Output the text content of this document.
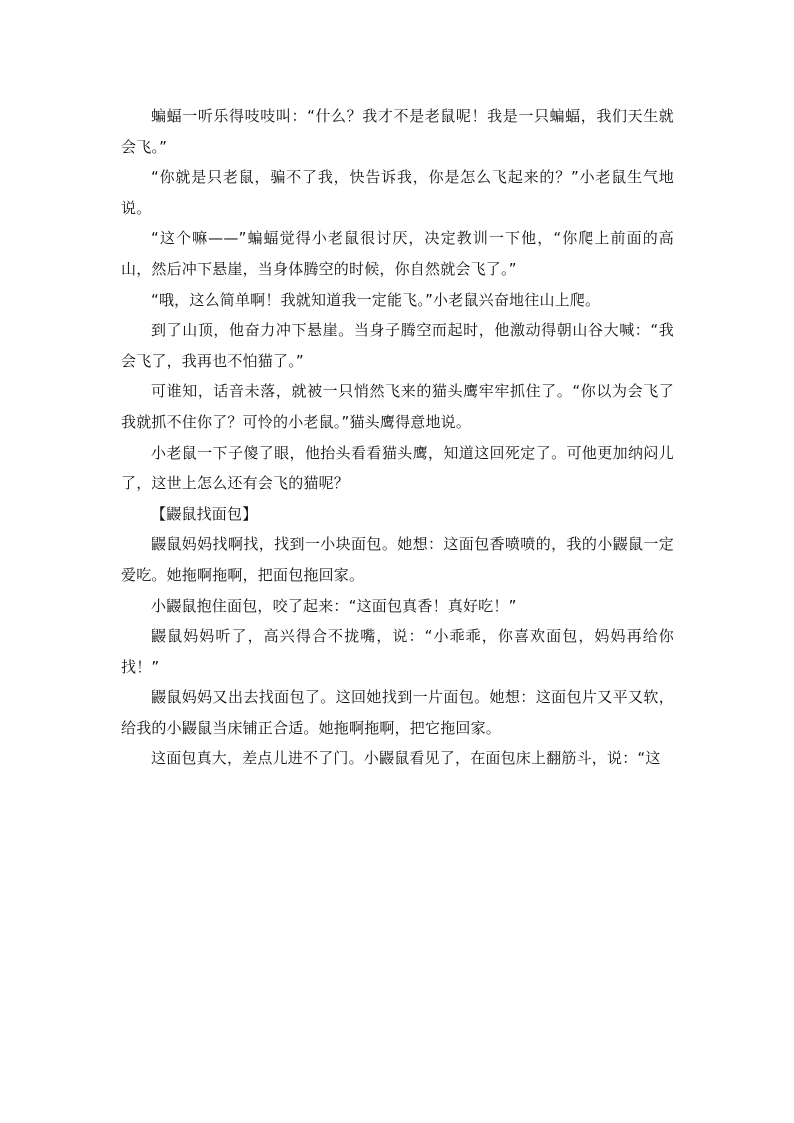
蝙蝠一听乐得吱吱叫：“什么？我才不是老鼠呢！我是一只蝙蝠，我们天生就会飞。”

“你就是只老鼠，骗不了我，快告诉我，你是怎么飞起来的？”小老鼠生气地说。

“这个嘛——”蝙蝠觉得小老鼠很讨厌，决定教训一下他，“你爬上前面的高山，然后冲下悬崖，当身体腾空的时候，你自然就会飞了。”

“哦，这么简单啊！我就知道我一定能飞。”小老鼠兴奋地往山上爬。

到了山顶，他奋力冲下悬崖。当身子腾空而起时，他激动得朝山谷大喊：“我会飞了，我再也不怕猫了。”

可谁知，话音未落，就被一只悄然飞来的猫头鹰牢牢抓住了。“你以为会飞了我就抓不住你了？可怜的小老鼠。”猫头鹰得意地说。

小老鼠一下子傻了眼，他抬头看看猫头鹰，知道这回死定了。可他更加纳闷儿了，这世上怎么还有会飞的猫呢？

【鼹鼠找面包】

鼹鼠妈妈找啊找，找到一小块面包。她想：这面包香喷喷的，我的小鼹鼠一定爱吃。她拖啊拖啊，把面包拖回家。

小鼹鼠抱住面包，咬了起来：“这面包真香！真好吃！”

鼹鼠妈妈听了，高兴得合不拢嘴，说：“小乖乖，你喜欢面包，妈妈再给你找！”

鼹鼠妈妈又出去找面包了。这回她找到一片面包。她想：这面包片又平又软，给我的小鼹鼠当床铺正合适。她拖啊拖啊，把它拖回家。

这面包真大，差点儿进不了门。小鼹鼠看见了，在面包床上翻筋斗，说：“这
